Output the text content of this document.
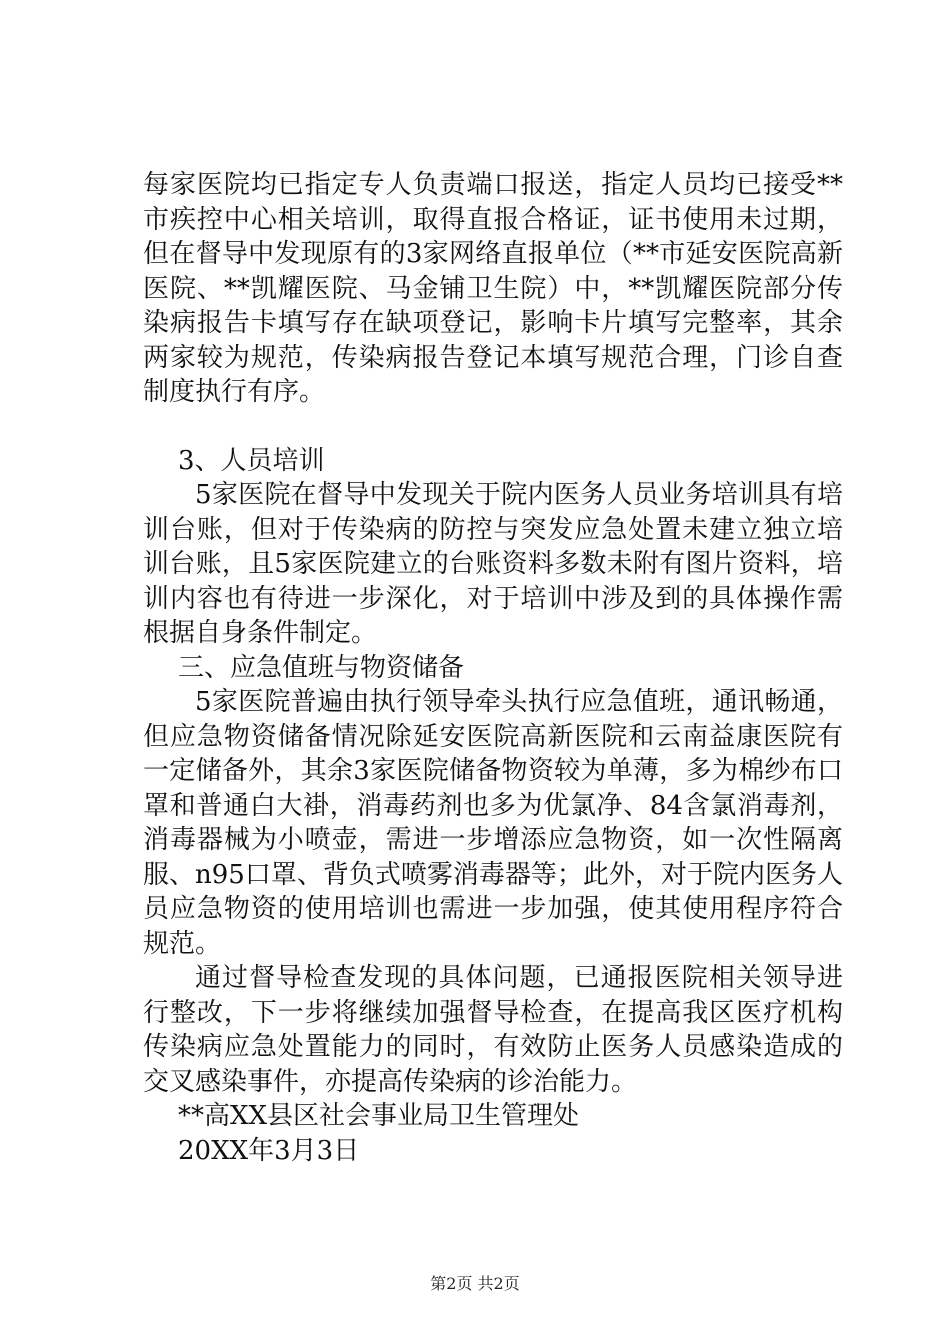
每家医院均已指定专人负责端口报送，指定人员均已接受**市疾控中心相关培训，取得直报合格证，证书使用未过期，但在督导中发现原有的3家网络直报单位（**市延安医院高新医院、**凯耀医院、马金铺卫生院）中，**凯耀医院部分传染病报告卡填写存在缺项登记，影响卡片填写完整率，其余两家较为规范，传染病报告登记本填写规范合理，门诊自查制度执行有序。

3、人员培训

5家医院在督导中发现关于院内医务人员业务培训具有培训台账，但对于传染病的防控与突发应急处置未建立独立培训台账，且5家医院建立的台账资料多数未附有图片资料，培训内容也有待进一步深化，对于培训中涉及到的具体操作需根据自身条件制定。

三、应急值班与物资储备

5家医院普遍由执行领导牵头执行应急值班，通讯畅通，但应急物资储备情况除延安医院高新医院和云南益康医院有一定储备外，其余3家医院储备物资较为单薄，多为棉纱布口罩和普通白大褂，消毒药剂也多为优氯净、84含氯消毒剂，消毒器械为小喷壶，需进一步增添应急物资，如一次性隔离服、n95口罩、背负式喷雾消毒器等；此外，对于院内医务人员应急物资的使用培训也需进一步加强，使其使用程序符合规范。

通过督导检查发现的具体问题，已通报医院相关领导进行整改，下一步将继续加强督导检查，在提高我区医疗机构传染病应急处置能力的同时，有效防止医务人员感染造成的交叉感染事件，亦提高传染病的诊治能力。

**高XX县区社会事业局卫生管理处

20XX年3月3日

第2页 共2页
